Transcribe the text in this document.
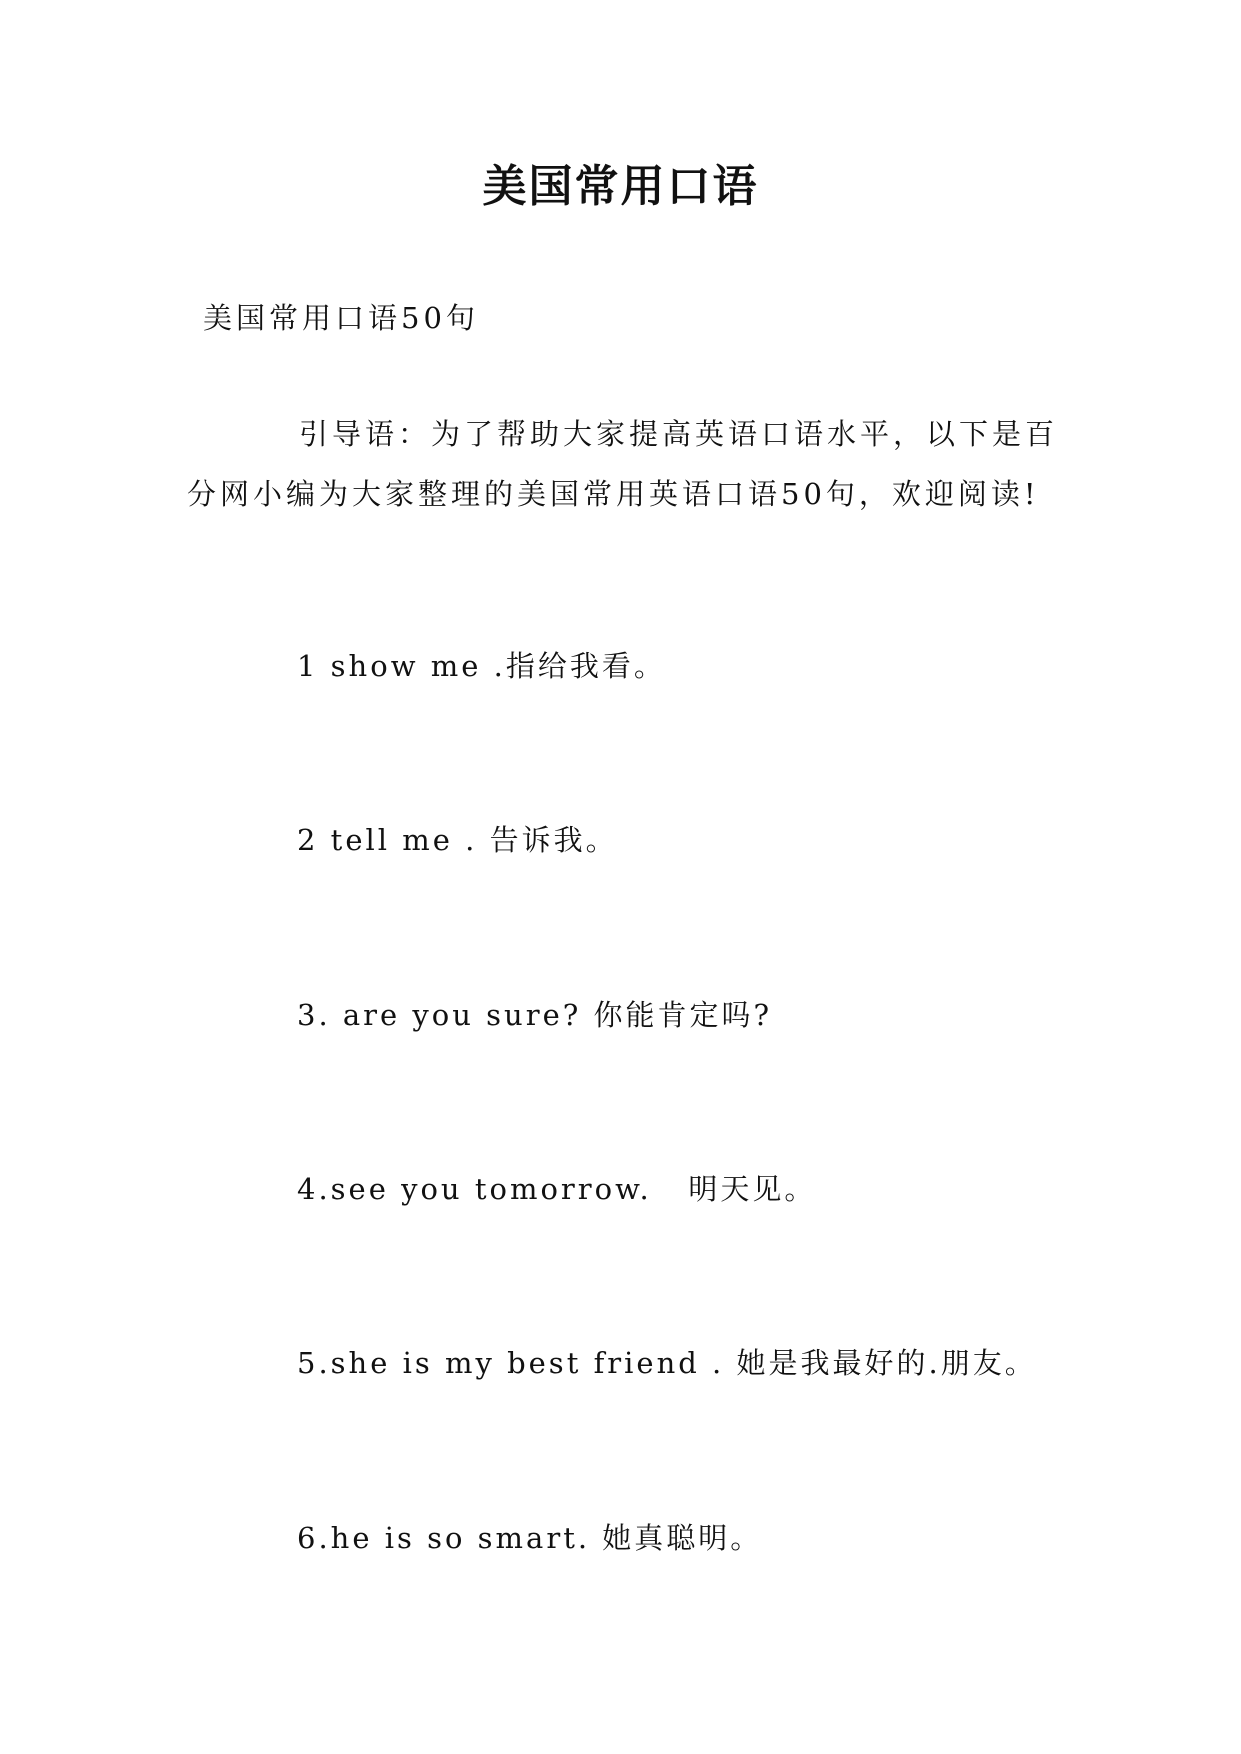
美国常用口语
美国常用口语50句

引导语：为了帮助大家提高英语口语水平，以下是百分网小编为大家整理的美国常用英语口语50句，欢迎阅读!

1 show me .指给我看。
2 tell me . 告诉我。
3. are you sure? 你能肯定吗?
4.see you tomorrow.   明天见。
5.she is my best friend . 她是我最好的.朋友。
6.he is so smart. 她真聪明。
